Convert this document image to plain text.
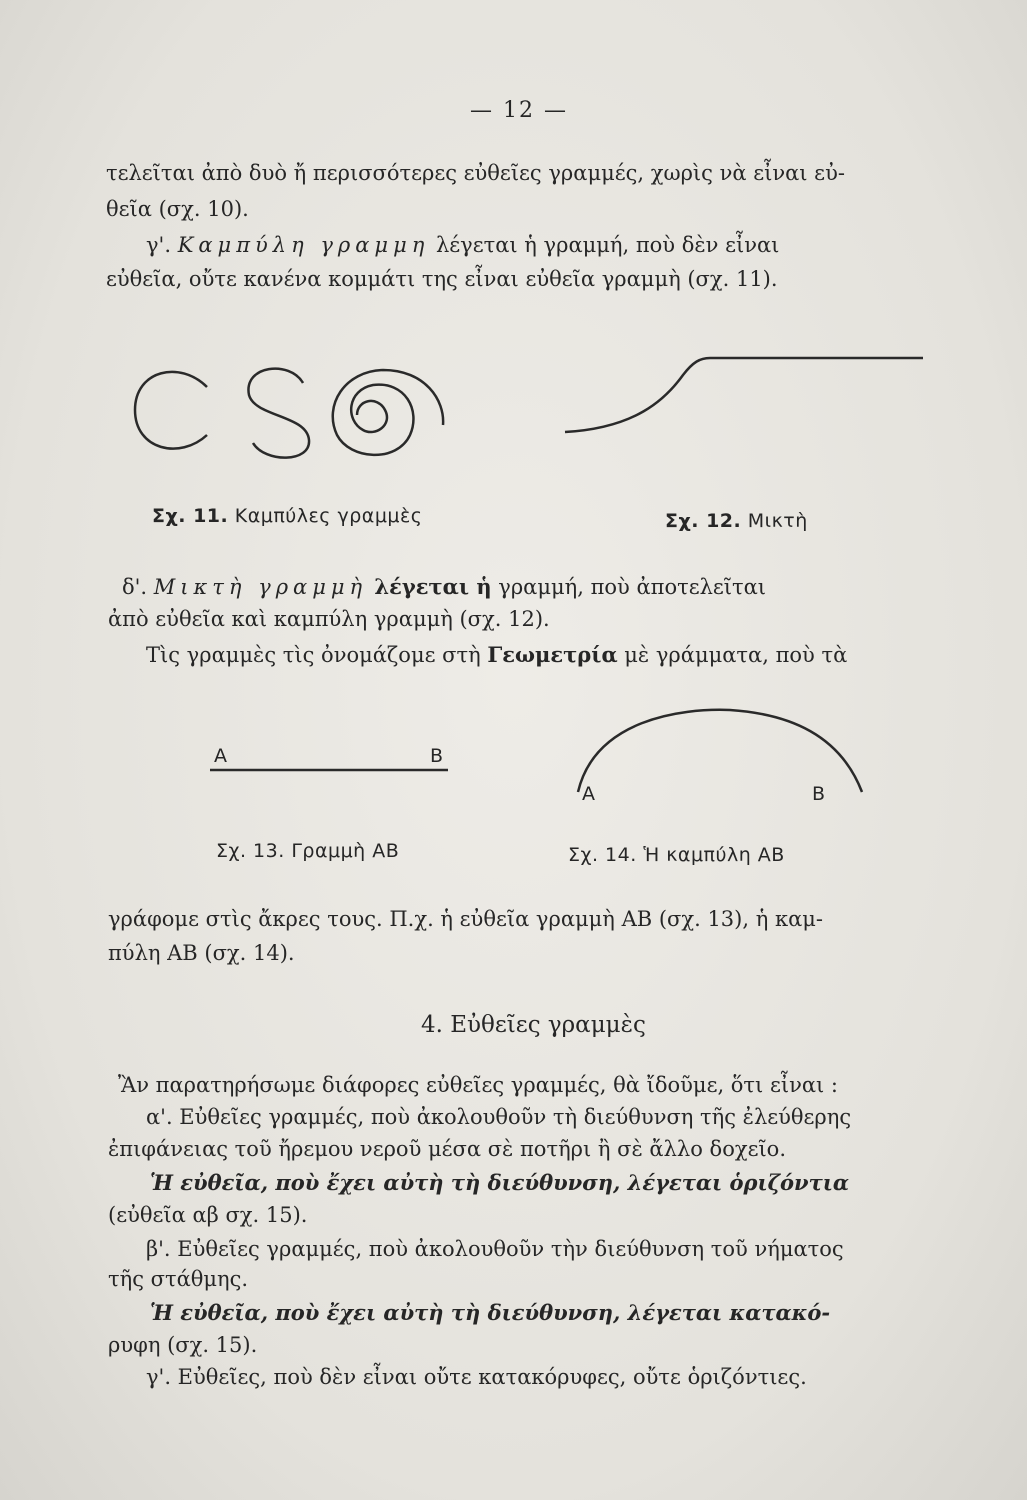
— 12 —
τελεῖται ἀπὸ δυὸ ἤ περισσότερες εὐθεῖες γραμμές, χωρὶς νὰ εἶναι εὐ-
θεῖα (σχ. 10).
γ'. Καμπύλη γραμμη λέγεται ἡ γραμμή, ποὺ δὲν εἶναι
εὐθεῖα, οὔτε κανένα κομμάτι της εἶναι εὐθεῖα γραμμὴ (σχ. 11).
Σχ. 11. Καμπύλες γραμμὲς	Σχ. 12. Μικτὴ
δ'. Μικτὴ γραμμὴ λέγεται ἡ γραμμή, ποὺ ἀποτελεῖται
ἀπὸ εὐθεῖα καὶ καμπύλη γραμμὴ (σχ. 12).
Τὶς γραμμὲς τὶς ὀνομάζομε στὴ Γεωμετρία μὲ γράμματα, ποὺ τὰ
A	B
Σχ. 13. Γραμμὴ ΑΒ
A	B
Σχ. 14. Ἡ καμπύλη ΑΒ
γράφομε στὶς ἄκρες τους. Π.χ. ἡ εὐθεῖα γραμμὴ ΑΒ (σχ. 13), ἡ καμ-
πύλη ΑΒ (σχ. 14).
4. Εὐθεῖες γραμμὲς
Ἂν παρατηρήσωμε διάφορες εὐθεῖες γραμμές, θὰ ἴδοῦμε, ὅτι εἶναι :
α'. Εὐθεῖες γραμμές, ποὺ ἀκολουθοῦν τὴ διεύθυνση τῆς ἐλεύθερης
ἐπιφάνειας τοῦ ἤρεμου νεροῦ μέσα σὲ ποτῆρι ἢ σὲ ἄλλο δοχεῖο.
Ἡ εὐθεῖα, ποὺ ἔχει αὐτὴ τὴ διεύθυνση, λέγεται ὁριζόντια
(εὐθεῖα αβ σχ. 15).
β'. Εὐθεῖες γραμμές, ποὺ ἀκολουθοῦν τὴν διεύθυνση τοῦ νήματος
τῆς στάθμης.
Ἡ εὐθεῖα, ποὺ ἔχει αὐτὴ τὴ διεύθυνση, λέγεται κατακό-
ρυφη (σχ. 15).
γ'. Εὐθεῖες, ποὺ δὲν εἶναι οὔτε κατακόρυφες, οὔτε ὁριζόντιες.
